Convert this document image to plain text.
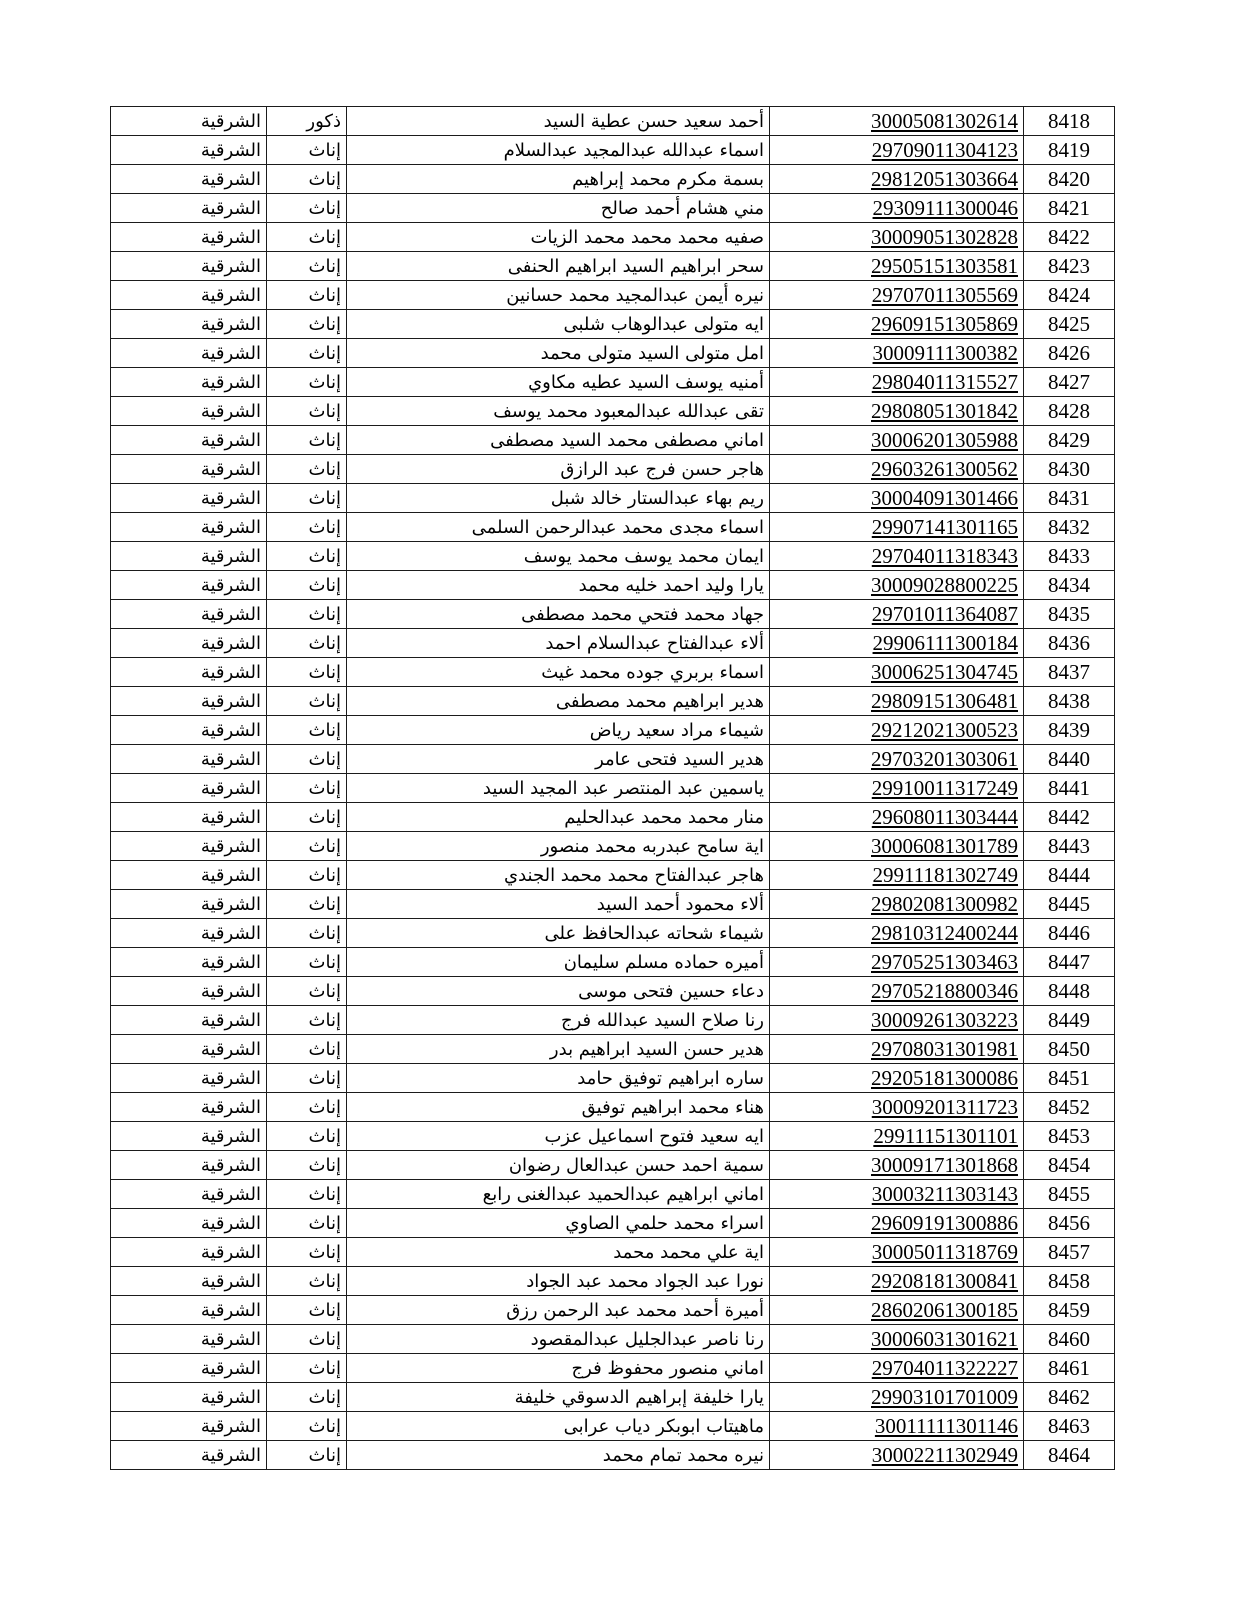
8418	30005081302614	أحمد سعيد حسن عطية السيد	ذكور	الشرقية
8419	29709011304123	اسماء عبدالله عبدالمجيد عبدالسلام	إناث	الشرقية
8420	29812051303664	بسمة مكرم محمد إبراهيم	إناث	الشرقية
8421	29309111300046	مني هشام أحمد صالح	إناث	الشرقية
8422	30009051302828	صفيه محمد محمد محمد الزيات	إناث	الشرقية
8423	29505151303581	سحر ابراهيم السيد ابراهيم الحنفى	إناث	الشرقية
8424	29707011305569	نيره أيمن عبدالمجيد محمد حسانين	إناث	الشرقية
8425	29609151305869	ايه متولى عبدالوهاب شلبى	إناث	الشرقية
8426	30009111300382	امل متولى السيد متولى محمد	إناث	الشرقية
8427	29804011315527	أمنيه يوسف السيد عطيه مكاوي	إناث	الشرقية
8428	29808051301842	تقى عبدالله عبدالمعبود محمد يوسف	إناث	الشرقية
8429	30006201305988	اماني مصطفى محمد السيد مصطفى	إناث	الشرقية
8430	29603261300562	هاجر حسن فرج عبد الرازق	إناث	الشرقية
8431	30004091301466	ريم بهاء عبدالستار خالد شبل	إناث	الشرقية
8432	29907141301165	اسماء مجدى محمد عبدالرحمن السلمى	إناث	الشرقية
8433	29704011318343	ايمان محمد يوسف محمد يوسف	إناث	الشرقية
8434	30009028800225	يارا وليد احمد خليه محمد	إناث	الشرقية
8435	29701011364087	جهاد محمد فتحي محمد مصطفى	إناث	الشرقية
8436	29906111300184	ألاء عبدالفتاح عبدالسلام احمد	إناث	الشرقية
8437	30006251304745	اسماء بربري جوده محمد غيث	إناث	الشرقية
8438	29809151306481	هدير ابراهيم محمد مصطفى	إناث	الشرقية
8439	29212021300523	شيماء مراد سعيد رياض	إناث	الشرقية
8440	29703201303061	هدير السيد فتحى عامر	إناث	الشرقية
8441	29910011317249	ياسمين عبد المنتصر عبد المجيد السيد	إناث	الشرقية
8442	29608011303444	منار محمد محمد عبدالحليم	إناث	الشرقية
8443	30006081301789	اية سامح عبدربه محمد منصور	إناث	الشرقية
8444	29911181302749	هاجر عبدالفتاح محمد محمد الجندي	إناث	الشرقية
8445	29802081300982	ألاء محمود أحمد السيد	إناث	الشرقية
8446	29810312400244	شيماء شحاته عبدالحافظ على	إناث	الشرقية
8447	29705251303463	أميره حماده مسلم سليمان	إناث	الشرقية
8448	29705218800346	دعاء حسين فتحى موسى	إناث	الشرقية
8449	30009261303223	رنا صلاح السيد عبدالله فرج	إناث	الشرقية
8450	29708031301981	هدير حسن السيد ابراهيم بدر	إناث	الشرقية
8451	29205181300086	ساره ابراهيم توفيق حامد	إناث	الشرقية
8452	30009201311723	هناء محمد ابراهيم توفيق	إناث	الشرقية
8453	29911151301101	ايه سعيد فتوح اسماعيل عزب	إناث	الشرقية
8454	30009171301868	سمية احمد حسن عبدالعال رضوان	إناث	الشرقية
8455	30003211303143	اماني ابراهيم عبدالحميد عبدالغنى رابع	إناث	الشرقية
8456	29609191300886	اسراء محمد حلمي الصاوي	إناث	الشرقية
8457	30005011318769	اية علي محمد محمد	إناث	الشرقية
8458	29208181300841	نورا عبد الجواد محمد عبد الجواد	إناث	الشرقية
8459	28602061300185	أميرة أحمد محمد عبد الرحمن رزق	إناث	الشرقية
8460	30006031301621	رنا ناصر عبدالجليل عبدالمقصود	إناث	الشرقية
8461	29704011322227	اماني منصور محفوظ فرج	إناث	الشرقية
8462	29903101701009	يارا خليفة إبراهيم الدسوقي خليفة	إناث	الشرقية
8463	30011111301146	ماهيتاب ابوبكر دياب عرابى	إناث	الشرقية
8464	30002211302949	نيره محمد تمام محمد	إناث	الشرقية
